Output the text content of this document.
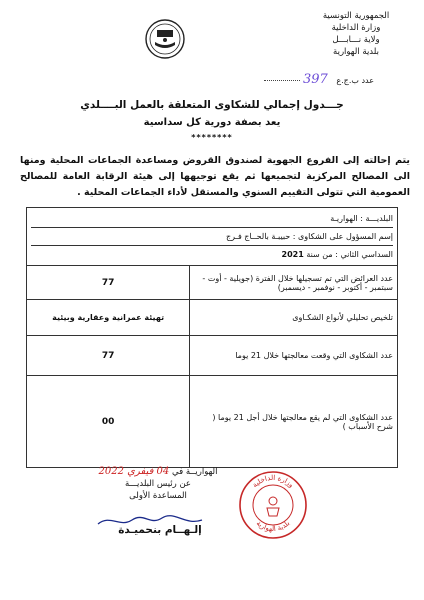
الجمهورية التونسية
وزارة الداخلية
ولاية نـــابـــل
بلدية الهوارية
عدد ب.ج.ع 397
جـــدول إجمالي للشكاوى المتعلقة بالعمل البــــلدي
يعد بصفة دورية كل سداسية
********
يتم إحالته إلى الفروع الجهوية لصندوق القروض ومساعدة الجماعات المحلية ومنها الى المصالح المركزية لتجميعها ثم يقع توجيهها إلى هيئة الرقابة العامة للمصالح العمومية التي تتولى التقييم السنوي والمستقل لأداء الجماعات المحلية .
البلديـــة : الهواريـة
إسم المسؤول على الشكاوى : حبيبـة بالحــاج فـرج
السداسي الثاني : من سنة 2021	

عدد العرائض التي تم تسجيلها خلال الفترة (جويلية - أوت - سبتمبر - أكتوبر - نوفمبر - ديسمبر)	77
تلخيص تحليلي لأنواع الشكـاوى	تهيئة عمرانية وعقارية وبيئية
عدد الشكاوى التي وقعت معالجتها خلال 21 يوما	77
عدد الشكاوى التي لم يقع معالجتها خلال أجل 21 يوما ( شرح الأسباب )	00
الهواريــة في 04 فيفري 2022
عن رئيس البلديـــة
المساعدة الأولى
إلـهــام بنحميـدة
وزارة الداخلية
بلدية الهوارية
